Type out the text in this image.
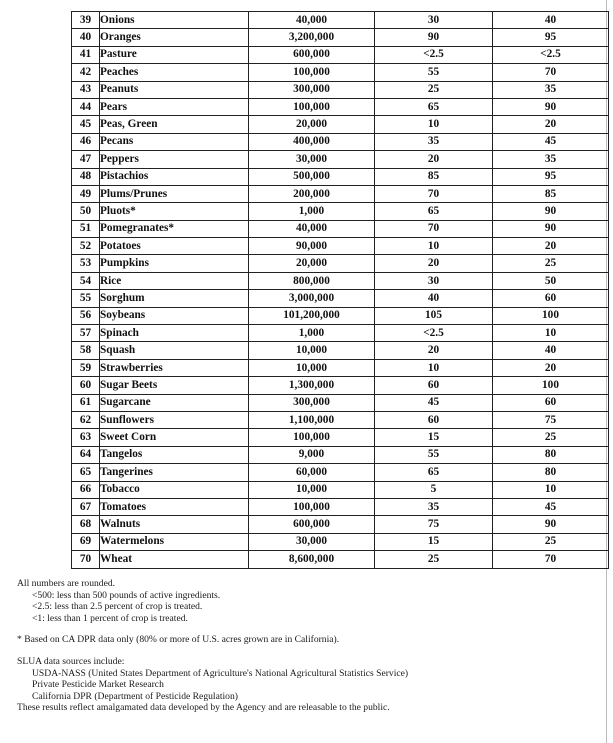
39	Onions	40,000	30	40
40	Oranges	3,200,000	90	95
41	Pasture	600,000	<2.5	<2.5
42	Peaches	100,000	55	70
43	Peanuts	300,000	25	35
44	Pears	100,000	65	90
45	Peas, Green	20,000	10	20
46	Pecans	400,000	35	45
47	Peppers	30,000	20	35
48	Pistachios	500,000	85	95
49	Plums/Prunes	200,000	70	85
50	Pluots*	1,000	65	90
51	Pomegranates*	40,000	70	90
52	Potatoes	90,000	10	20
53	Pumpkins	20,000	20	25
54	Rice	800,000	30	50
55	Sorghum	3,000,000	40	60
56	Soybeans	101,200,000	105	100
57	Spinach	1,000	<2.5	10
58	Squash	10,000	20	40
59	Strawberries	10,000	10	20
60	Sugar Beets	1,300,000	60	100
61	Sugarcane	300,000	45	60
62	Sunflowers	1,100,000	60	75
63	Sweet Corn	100,000	15	25
64	Tangelos	9,000	55	80
65	Tangerines	60,000	65	80
66	Tobacco	10,000	5	10
67	Tomatoes	100,000	35	45
68	Walnuts	600,000	75	90
69	Watermelons	30,000	15	25
70	Wheat	8,600,000	25	70

All numbers are rounded.

<500: less than 500 pounds of active ingredients.

<2.5: less than 2.5 percent of crop is treated.

<1: less than 1 percent of crop is treated.

* Based on CA DPR data only (80% or more of U.S. acres grown are in California).

SLUA data sources include:

USDA-NASS (United States Department of Agriculture's National Agricultural Statistics Service)

Private Pesticide Market Research

California DPR (Department of Pesticide Regulation)

These results reflect amalgamated data developed by the Agency and are releasable to the public.
